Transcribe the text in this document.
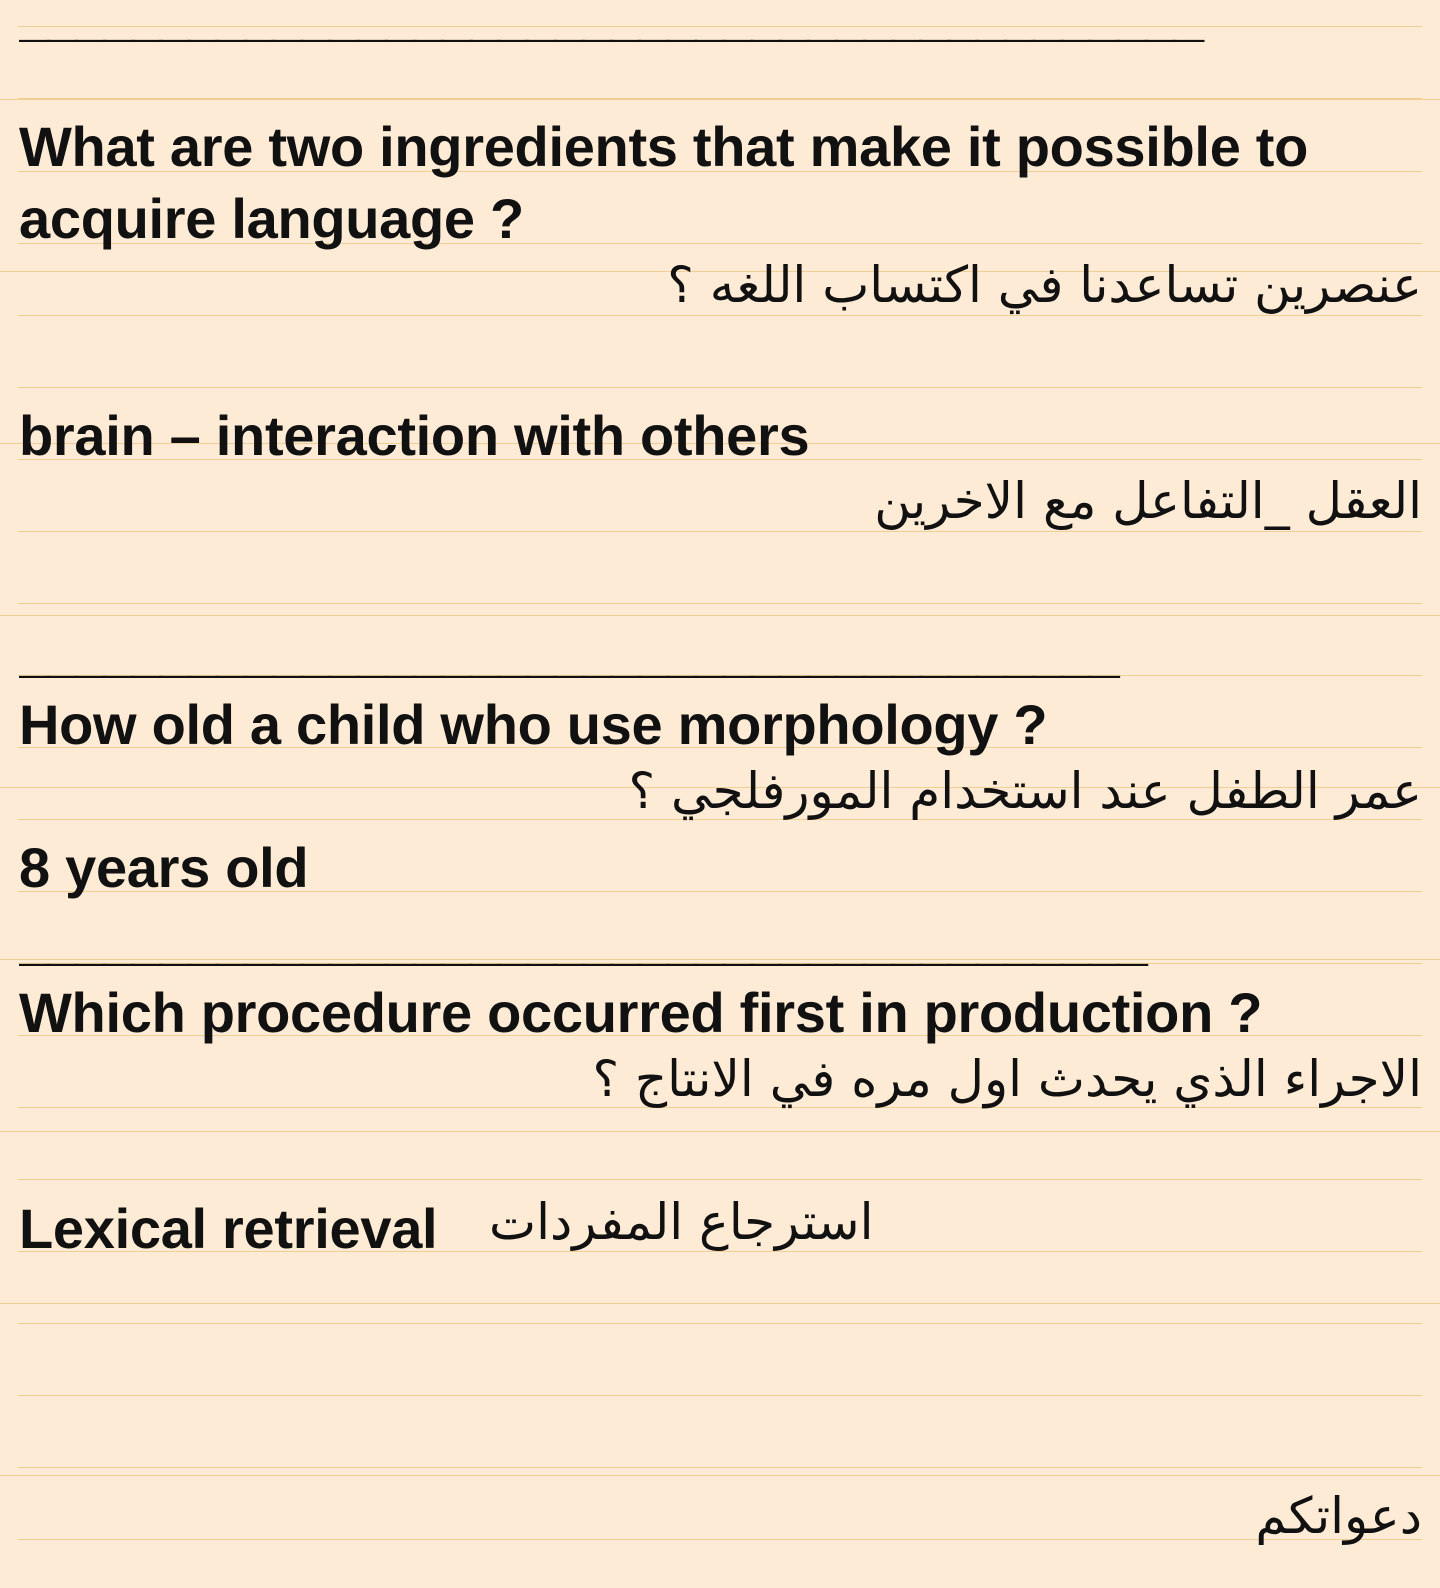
__________________________________________
What are two ingredients that make it possible to
acquire language ?
عنصرين تساعدنا في اكتساب اللغه ؟
brain – interaction with others
العقل _التفاعل مع الاخرين
_______________________________________
How old a child who use morphology ?
عمر الطفل عند استخدام المورفلجي ؟
8 years old
________________________________________
Which procedure occurred first in production ?
الاجراء الذي يحدث اول مره في الانتاج ؟
Lexical retrieval استرجاع المفردات
دعواتكم
